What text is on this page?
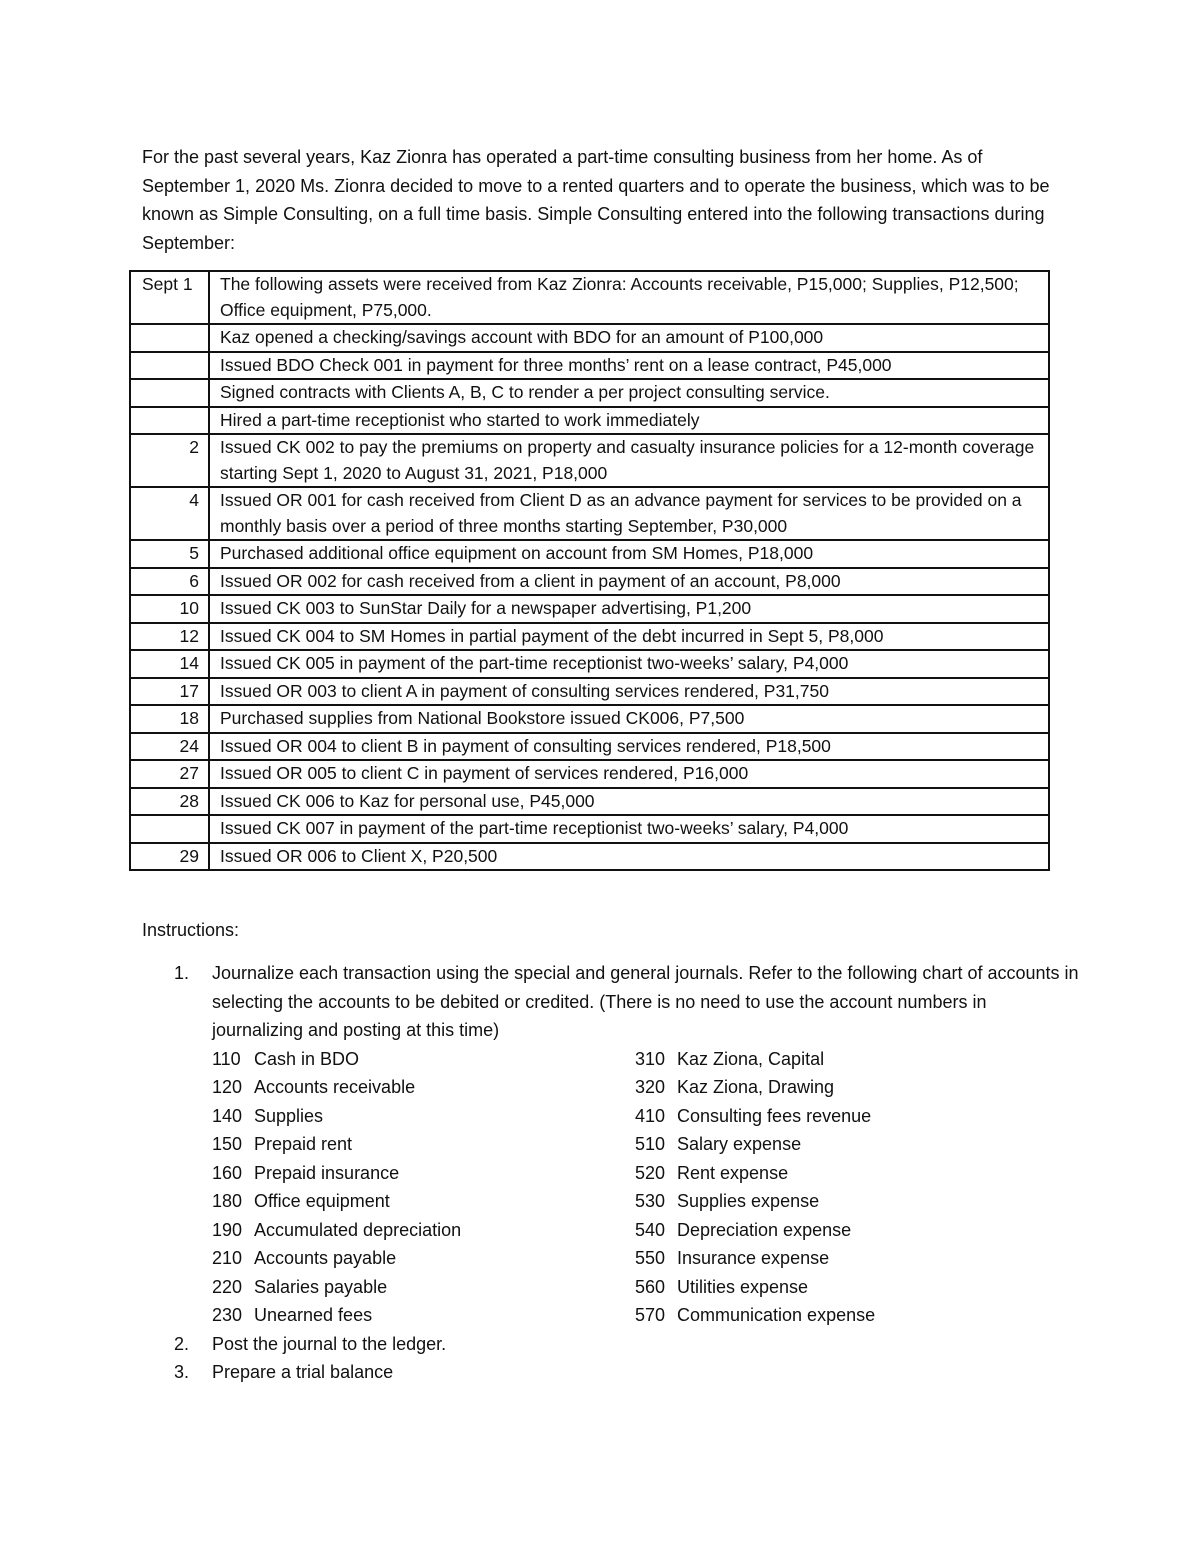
For the past several years, Kaz Zionra has operated a part-time consulting business from her home. As of September 1, 2020 Ms. Zionra decided to move to a rented quarters and to operate the business, which was to be known as Simple Consulting, on a full time basis. Simple Consulting entered into the following transactions during September:

Sept 1	The following assets were received from Kaz Zionra: Accounts receivable, P15,000; Supplies, P12,500; Office equipment, P75,000.
	Kaz opened a checking/savings account with BDO for an amount of P100,000
	Issued BDO Check 001 in payment for three months’ rent on a lease contract, P45,000
	Signed contracts with Clients A, B, C to render a per project consulting service.
	Hired a part-time receptionist who started to work immediately
2	Issued CK 002 to pay the premiums on property and casualty insurance policies for a 12-month coverage starting Sept 1, 2020 to August 31, 2021, P18,000
4	Issued OR 001 for cash received from Client D as an advance payment for services to be provided on a monthly basis over a period of three months starting September, P30,000
5	Purchased additional office equipment on account from SM Homes, P18,000
6	Issued OR 002 for cash received from a client in payment of an account, P8,000
10	Issued CK 003 to SunStar Daily for a newspaper advertising, P1,200
12	Issued CK 004 to SM Homes in partial payment of the debt incurred in Sept 5, P8,000
14	Issued CK 005 in payment of the part-time receptionist two-weeks’ salary, P4,000
17	Issued OR 003 to client A in payment of consulting services rendered, P31,750
18	Purchased supplies from National Bookstore issued CK006, P7,500
24	Issued OR 004 to client B in payment of consulting services rendered, P18,500
27	Issued OR 005 to client C in payment of services rendered, P16,000
28	Issued CK 006 to Kaz for personal use, P45,000
	Issued CK 007 in payment of the part-time receptionist two-weeks’ salary, P4,000
29	Issued OR 006 to Client X, P20,500

Instructions:

1. Journalize each transaction using the special and general journals. Refer to the following chart of accounts in selecting the accounts to be debited or credited. (There is no need to use the account numbers in journalizing and posting at this time)
110 Cash in BDO	310 Kaz Ziona, Capital
120 Accounts receivable	320 Kaz Ziona, Drawing
140 Supplies	410 Consulting fees revenue
150 Prepaid rent	510 Salary expense
160 Prepaid insurance	520 Rent expense
180 Office equipment	530 Supplies expense
190 Accumulated depreciation	540 Depreciation expense
210 Accounts payable	550 Insurance expense
220 Salaries payable	560 Utilities expense
230 Unearned fees	570 Communication expense
2. Post the journal to the ledger.
3. Prepare a trial balance
